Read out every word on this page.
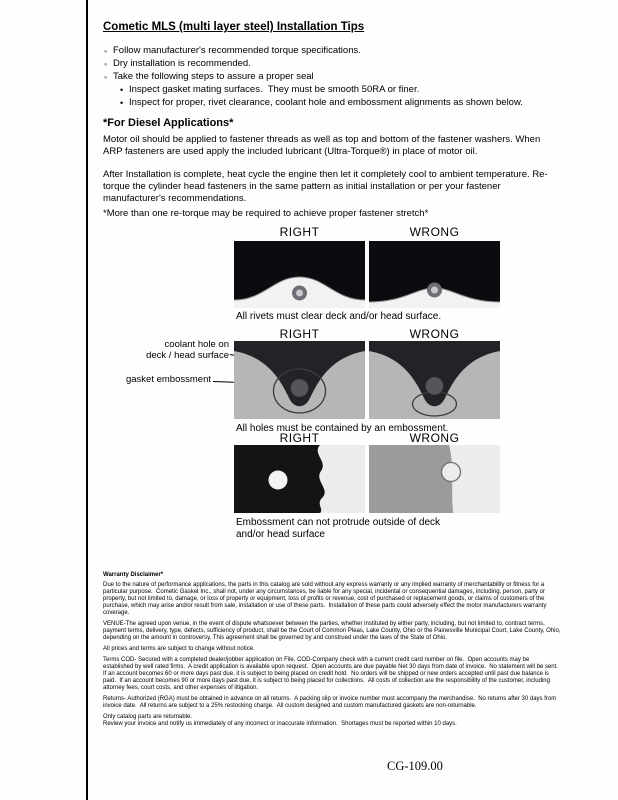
Cometic MLS (multi layer steel) Installation Tips
◦
Follow manufacturer's recommended torque specifications.
◦
Dry installation is recommended.
◦
Take the following steps to assure a proper seal
•
Inspect gasket mating surfaces.  They must be smooth 50RA or finer.
•
Inspect for proper, rivet clearance, coolant hole and embossment alignments as shown below.
*For Diesel Applications*
Motor oil should be applied to fastener threads as well as top and bottom of the fastener washers. When ARP fasteners are used apply the included lubricant (Ultra-Torque®) in place of motor oil.
After Installation is complete, heat cycle the engine then let it completely cool to ambient temperature. Re-torque the cylinder head fasteners in the same pattern as initial installation or per your fastener manufacturer's recommendations.
*More than one re-torque may be required to achieve proper fastener stretch*
RIGHT	WRONG
All rivets must clear deck and/or head surface.
RIGHT	WRONG
coolant hole on
deck / head surface
gasket embossment
All holes must be contained by an embossment.
RIGHT	WRONG
Embossment can not protrude outside of deck and/or head surface
Warranty Disclaimer*

Due to the nature of performance applications, the parts in this catalog are sold without any express warranty or any implied warranty of merchantability or fitness for a particular purpose.  Cometic Gasket Inc., shall not, under any circumstances, be liable for any special, incidental or consequential damages, including, person, party or property, but not limited to, damage, or loss of property or equipment, loss of profits or revenue, cost of purchased or replacement goods, or claims of customers of the purchase, which may arise and/or result from sale, installation or use of these parts.  Installation of these parts could adversely effect the motor manufacturers warranty coverage.

VENUE-The agreed upon venue, in the event of dispute whatsoever between the parties, whether instituted by either party, including, but not limited to, contract terms, payment terms, delivery, type, defects, sufficiency of product, shall be the Court of Common Pleas, Lake County, Ohio or the Painesville Municipal Court, Lake County, Ohio, depending on the amount in controversy. This agreement shall be governed by and construed under the laws of the State of Ohio.

All prices and terms are subject to change without notice.

Terms COD- Secured with a completed dealer/jobber application on File, COD-Company check with a current credit card number on file.  Open accounts may be established by well rated firms.  A credit application is available upon request.  Open accounts are due payable Net 30 days from date of invoice.  No statement will be sent.  If an account becomes 60 or more days past due, it is subject to being placed on credit hold.  No orders will be shipped or new orders accepted until past due balance is paid.  If an account becomes 90 or more days past due, it is subject to being placed for collections.  All costs of collection are the responsibility of the customer, including attorney fees, court costs, and other expenses of litigation.

Returns- Authorized (RGA) must be obtained in advance on all returns.  A packing slip or invoice number must accompany the merchandise.  No returns after 30 days from invoice date.  All returns are subject to a 25% restocking charge.  All custom designed and custom manufactured gaskets are non-returnable.

Only catalog parts are returnable.

Review your invoice and notify us immediately of any incorrect or inaccurate information.  Shortages must be reported within 10 days.

CG-109.00
